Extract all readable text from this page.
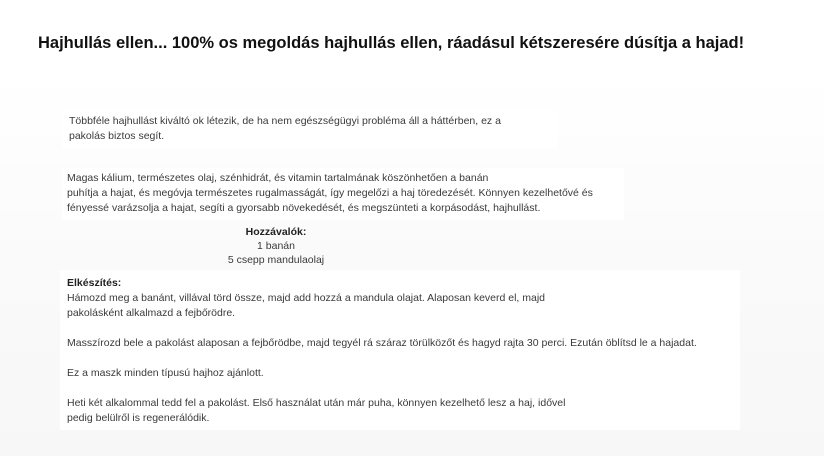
Hajhullás ellen... 100% os megoldás hajhullás ellen, ráadásul kétszeresére dúsítja a hajad!
Többféle hajhullást kiváltó ok létezik, de ha nem egészségügyi probléma áll a háttérben, ez a
pakolás biztos segít.
Magas kálium, természetes olaj, szénhidrát, és vitamin tartalmának köszönhetően a banán
puhítja a hajat, és megóvja természetes rugalmasságát, így megelőzi a haj töredezését. Könnyen kezelhetővé és
fényessé varázsolja a hajat, segíti a gyorsabb növekedését, és megszünteti a korpásodást, hajhullást.
Hozzávalók:
1 banán
5 csepp mandulaolaj
Elkészítés:
Hámozd meg a banánt, villával törd össze, majd add hozzá a mandula olajat. Alaposan keverd el, majd
pakolásként alkalmazd a fejbőrödre.
Masszírozd bele a pakolást alaposan a fejbőrödbe, majd tegyél rá száraz törülközőt és hagyd rajta 30 perci. Ezután öblítsd le a hajadat.
Ez a maszk minden típusú hajhoz ajánlott.
Heti két alkalommal tedd fel a pakolást. Első használat után már puha, könnyen kezelhető lesz a haj, idővel
pedig belülről is regenerálódik.
